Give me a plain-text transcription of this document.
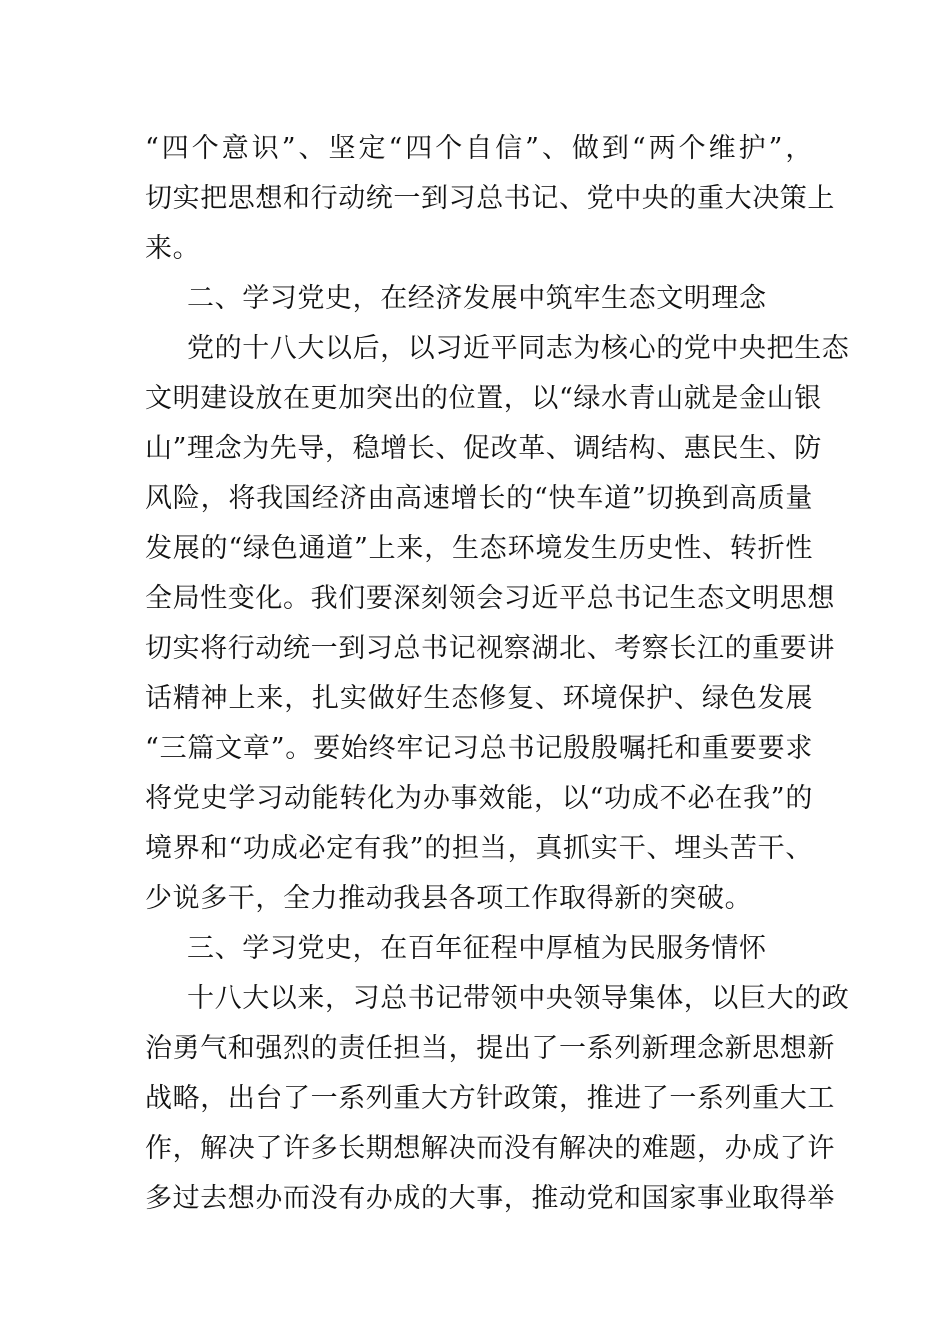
“四个意识”、坚定“四个自信”、做到“两个维护”，
切实把思想和行动统一到习总书记、党中央的重大决策上
来。
二、学习党史，在经济发展中筑牢生态文明理念
党的十八大以后，以习近平同志为核心的党中央把生态
文明建设放在更加突出的位置，以“绿水青山就是金山银
山”理念为先导，稳增长、促改革、调结构、惠民生、防
风险，将我国经济由高速增长的“快车道”切换到高质量
发展的“绿色通道”上来，生态环境发生历史性、转折性
全局性变化。我们要深刻领会习近平总书记生态文明思想
切实将行动统一到习总书记视察湖北、考察长江的重要讲
话精神上来，扎实做好生态修复、环境保护、绿色发展
“三篇文章”。要始终牢记习总书记殷殷嘱托和重要要求
将党史学习动能转化为办事效能，以“功成不必在我”的
境界和“功成必定有我”的担当，真抓实干、埋头苦干、
少说多干，全力推动我县各项工作取得新的突破。
三、学习党史，在百年征程中厚植为民服务情怀
十八大以来，习总书记带领中央领导集体，以巨大的政
治勇气和强烈的责任担当，提出了一系列新理念新思想新
战略，出台了一系列重大方针政策，推进了一系列重大工
作，解决了许多长期想解决而没有解决的难题，办成了许
多过去想办而没有办成的大事，推动党和国家事业取得举
